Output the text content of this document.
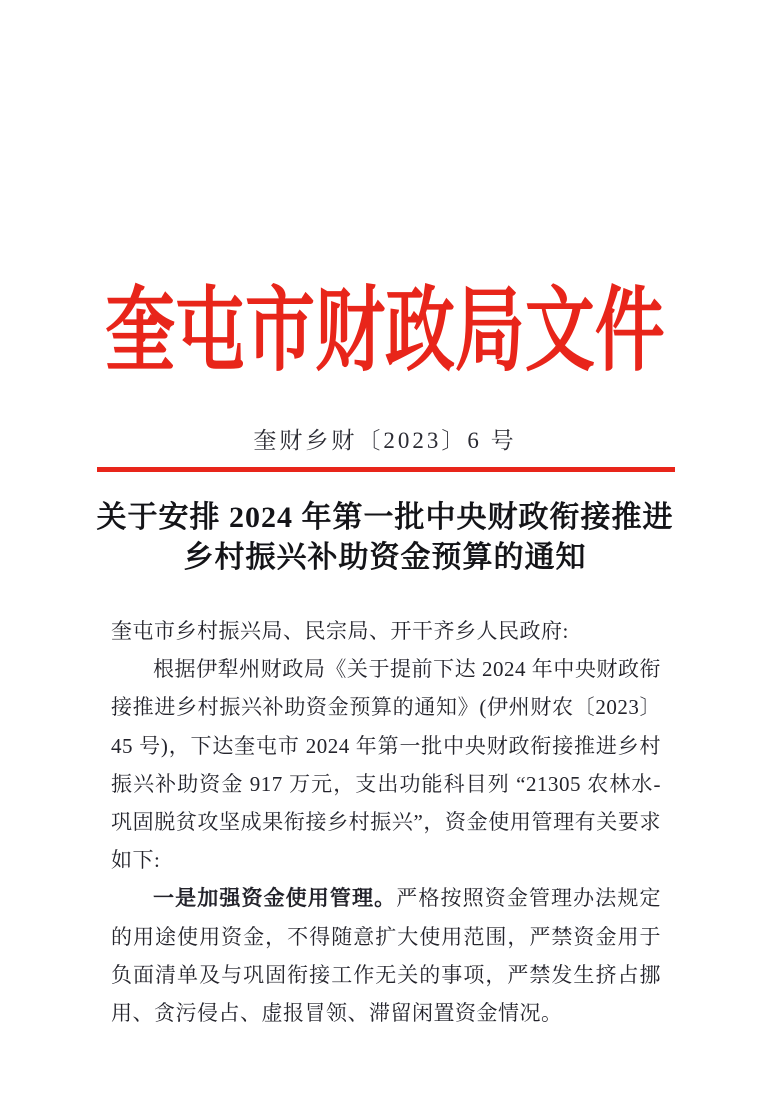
奎屯市财政局文件
奎财乡财〔2023〕6 号
关于安排 2024 年第一批中央财政衔接推进
乡村振兴补助资金预算的通知

奎屯市乡村振兴局、民宗局、开干齐乡人民政府:

根据伊犁州财政局《关于提前下达 2024 年中央财政衔接推进乡村振兴补助资金预算的通知》(伊州财农〔2023〕45 号)，下达奎屯市 2024 年第一批中央财政衔接推进乡村振兴补助资金 917 万元，支出功能科目列 “21305 农林水-巩固脱贫攻坚成果衔接乡村振兴”，资金使用管理有关要求如下:

一是加强资金使用管理。严格按照资金管理办法规定的用途使用资金，不得随意扩大使用范围，严禁资金用于负面清单及与巩固衔接工作无关的事项，严禁发生挤占挪用、贪污侵占、虚报冒领、滞留闲置资金情况。
